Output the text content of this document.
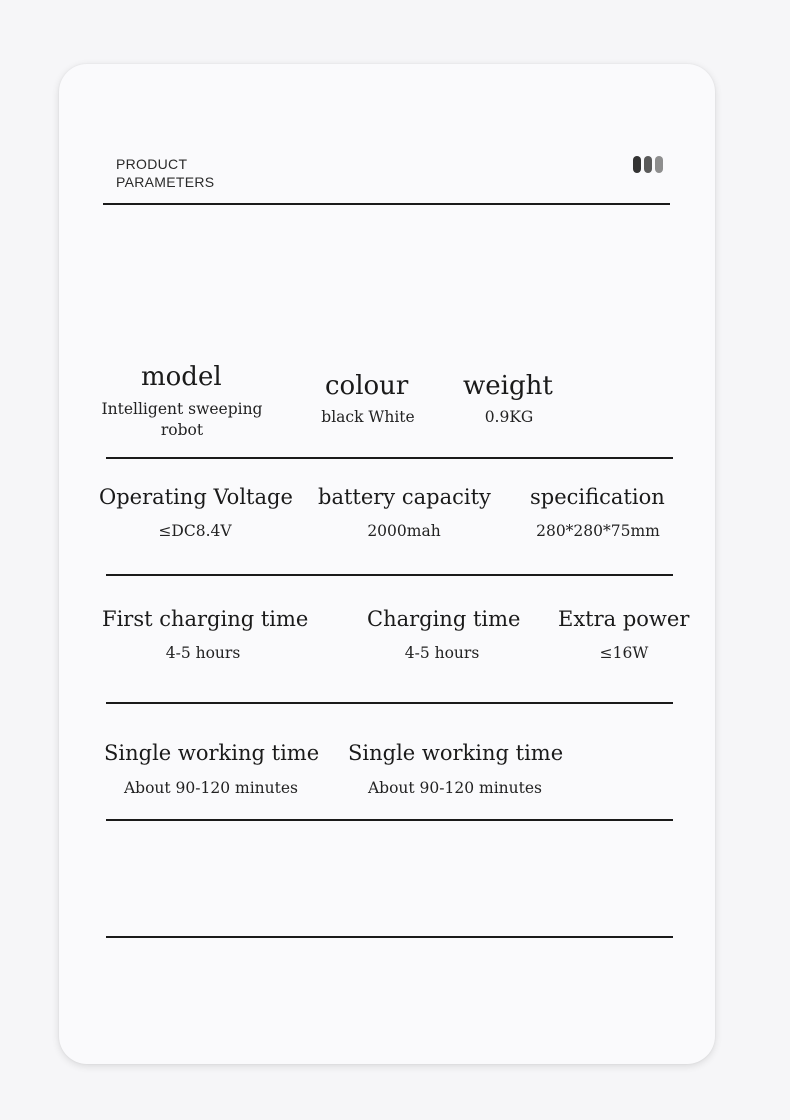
PRODUCT
PARAMETERS
model
Intelligent sweeping
robot
colour
black White
weight
0.9KG
Operating Voltage
≤DC8.4V
battery capacity
2000mah
specification
280*280*75mm
First charging time
4-5 hours
Charging time
4-5 hours
Extra power
≤16W
Single working time
About 90-120 minutes
Single working time
About 90-120 minutes
